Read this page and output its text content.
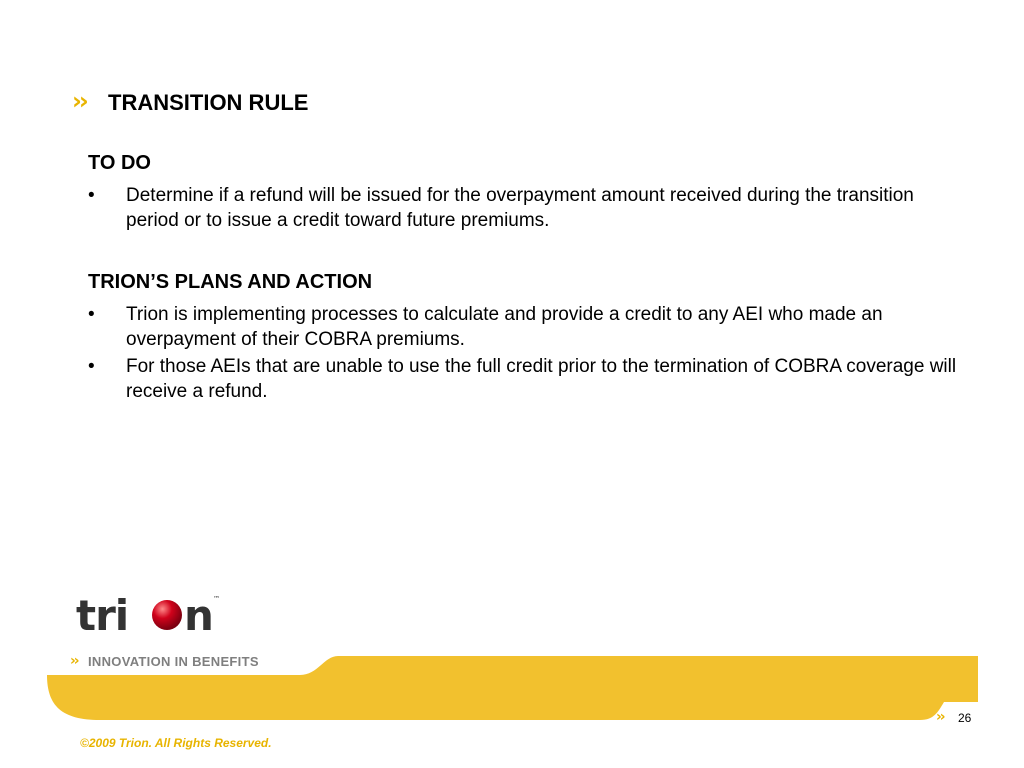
›› TRANSITION RULE
TO DO
• Determine if a refund will be issued for the overpayment amount received during the transition period or to issue a credit toward future premiums.
TRION’S PLANS AND ACTION
• Trion is implementing processes to calculate and provide a credit to any AEI who made an overpayment of their COBRA premiums.
• For those AEIs that are unable to use the full credit prior to the termination of COBRA coverage will receive a refund.
tri n ™
›› INNOVATION IN BENEFITS
›› 26
©2009 Trion. All Rights Reserved.
